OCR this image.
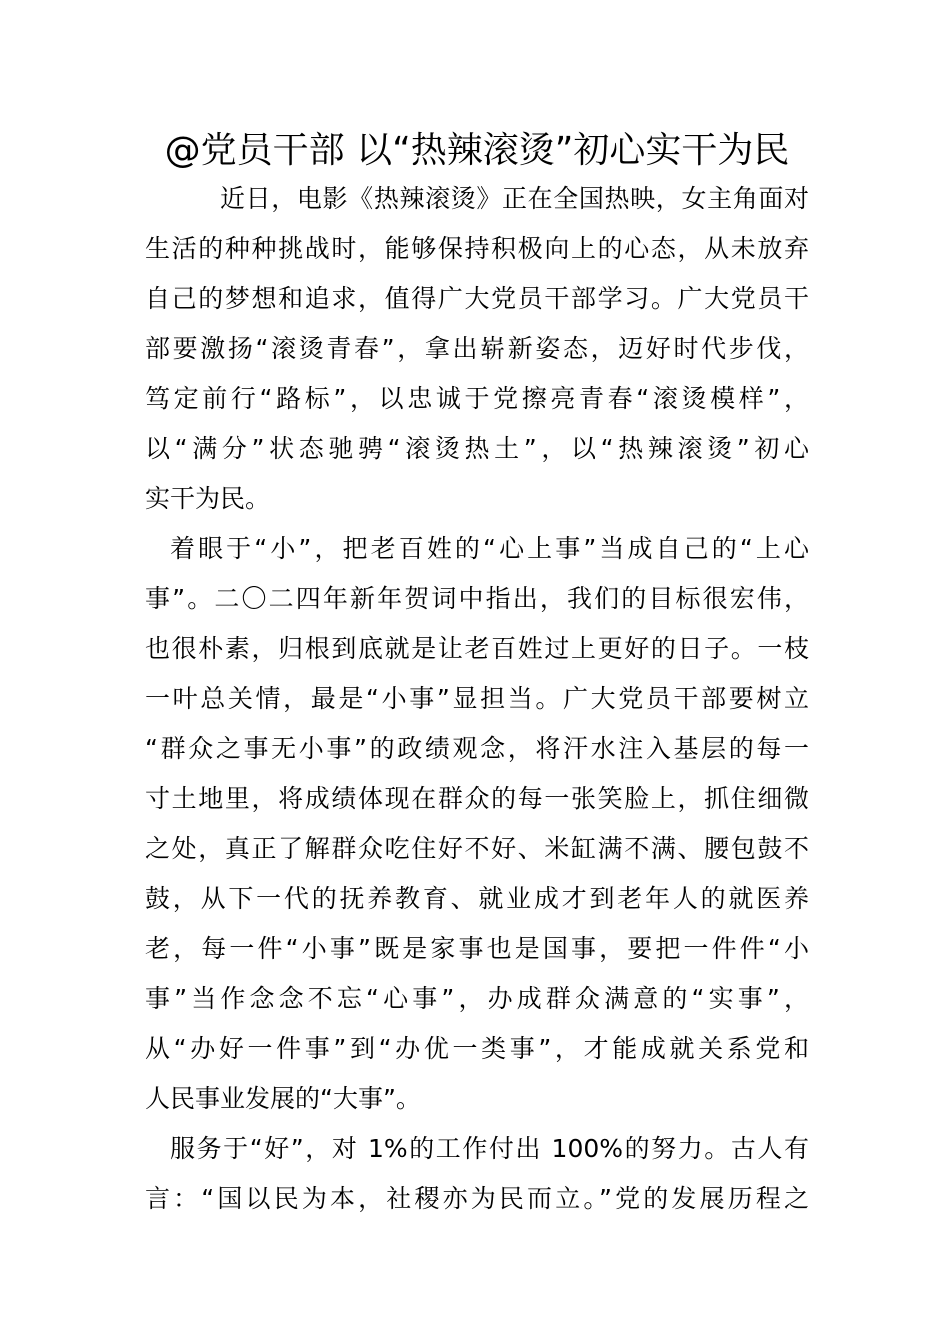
@党员干部 以“热辣滚烫”初心实干为民
近日，电影《热辣滚烫》正在全国热映，女主角面对
生活的种种挑战时，能够保持积极向上的心态，从未放弃
自己的梦想和追求，值得广大党员干部学习。广大党员干
部要激扬“滚烫青春”，拿出崭新姿态，迈好时代步伐，
笃定前行“路标”，以忠诚于党擦亮青春“滚烫模样”，
以“满分”状态驰骋“滚烫热土”，以“热辣滚烫”初心
实干为民。
着眼于“小”，把老百姓的“心上事”当成自己的“上心
事”。二〇二四年新年贺词中指出，我们的目标很宏伟，
也很朴素，归根到底就是让老百姓过上更好的日子。一枝
一叶总关情，最是“小事”显担当。广大党员干部要树立
“群众之事无小事”的政绩观念，将汗水注入基层的每一
寸土地里，将成绩体现在群众的每一张笑脸上，抓住细微
之处，真正了解群众吃住好不好、米缸满不满、腰包鼓不
鼓，从下一代的抚养教育、就业成才到老年人的就医养
老，每一件“小事”既是家事也是国事，要把一件件“小
事”当作念念不忘“心事”，办成群众满意的“实事”，
从“办好一件事”到“办优一类事”，才能成就关系党和
人民事业发展的“大事”。
服务于“好”，对 1%的工作付出 100%的努力。古人有
言：“国以民为本，社稷亦为民而立。”党的发展历程之
